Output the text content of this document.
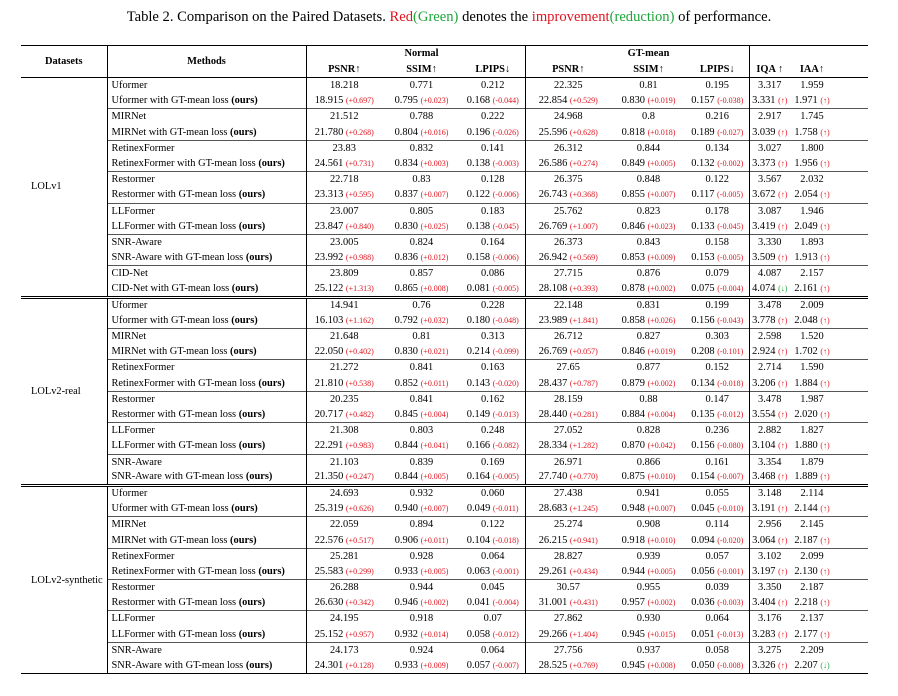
Table 2. Comparison on the Paired Datasets. Red(Green) denotes the improvement(reduction) of performance.
Datasets	Methods		Normal			GT-mean		IQA ↑	IAA↑	
		PSNR↑	SSIM↑	LPIPS↓	PSNR↑	SSIM↑	LPIPS↓			
LOLv1	Uformer	18.218	0.771	0.212	22.325	0.81	0.195	3.317	1.959	
	Uformer with GT-mean loss (ours)	18.915 (+0.697)	0.795 (+0.023)	0.168 (-0.044)	22.854 (+0.529)	0.830 (+0.019)	0.157 (-0.038)	3.331 (↑)	1.971 (↑)	
	MIRNet	21.512	0.788	0.222	24.968	0.8	0.216	2.917	1.745	
	MIRNet with GT-mean loss (ours)	21.780 (+0.268)	0.804 (+0.016)	0.196 (-0.026)	25.596 (+0.628)	0.818 (+0.018)	0.189 (-0.027)	3.039 (↑)	1.758 (↑)	
	RetinexFormer	23.83	0.832	0.141	26.312	0.844	0.134	3.027	1.800	
	RetinexFormer with GT-mean loss (ours)	24.561 (+0.731)	0.834 (+0.003)	0.138 (-0.003)	26.586 (+0.274)	0.849 (+0.005)	0.132 (-0.002)	3.373 (↑)	1.956 (↑)	
	Restormer	22.718	0.83	0.128	26.375	0.848	0.122	3.567	2.032	
	Restormer with GT-mean loss (ours)	23.313 (+0.595)	0.837 (+0.007)	0.122 (-0.006)	26.743 (+0.368)	0.855 (+0.007)	0.117 (-0.005)	3.672 (↑)	2.054 (↑)	
	LLFormer	23.007	0.805	0.183	25.762	0.823	0.178	3.087	1.946	
	LLFormer with GT-mean loss (ours)	23.847 (+0.840)	0.830 (+0.025)	0.138 (-0.045)	26.769 (+1.007)	0.846 (+0.023)	0.133 (-0.045)	3.419 (↑)	2.049 (↑)	
	SNR-Aware	23.005	0.824	0.164	26.373	0.843	0.158	3.330	1.893	
	SNR-Aware with GT-mean loss (ours)	23.992 (+0.988)	0.836 (+0.012)	0.158 (-0.006)	26.942 (+0.569)	0.853 (+0.009)	0.153 (-0.005)	3.509 (↑)	1.913 (↑)	
	CID-Net	23.809	0.857	0.086	27.715	0.876	0.079	4.087	2.157	
	CID-Net with GT-mean loss (ours)	25.122 (+1.313)	0.865 (+0.008)	0.081 (-0.005)	28.108 (+0.393)	0.878 (+0.002)	0.075 (-0.004)	4.074 (↓)	2.161 (↑)	
LOLv2-real	Uformer	14.941	0.76	0.228	22.148	0.831	0.199	3.478	2.009	
	Uformer with GT-mean loss (ours)	16.103 (+1.162)	0.792 (+0.032)	0.180 (-0.048)	23.989 (+1.841)	0.858 (+0.026)	0.156 (-0.043)	3.778 (↑)	2.048 (↑)	
	MIRNet	21.648	0.81	0.313	26.712	0.827	0.303	2.598	1.520	
	MIRNet with GT-mean loss (ours)	22.050 (+0.402)	0.830 (+0.021)	0.214 (-0.099)	26.769 (+0.057)	0.846 (+0.019)	0.208 (-0.101)	2.924 (↑)	1.702 (↑)	
	RetinexFormer	21.272	0.841	0.163	27.65	0.877	0.152	2.714	1.590	
	RetinexFormer with GT-mean loss (ours)	21.810 (+0.538)	0.852 (+0.011)	0.143 (-0.020)	28.437 (+0.787)	0.879 (+0.002)	0.134 (-0.018)	3.206 (↑)	1.884 (↑)	
	Restormer	20.235	0.841	0.162	28.159	0.88	0.147	3.478	1.987	
	Restormer with GT-mean loss (ours)	20.717 (+0.482)	0.845 (+0.004)	0.149 (-0.013)	28.440 (+0.281)	0.884 (+0.004)	0.135 (-0.012)	3.554 (↑)	2.020 (↑)	
	LLFormer	21.308	0.803	0.248	27.052	0.828	0.236	2.882	1.827	
	LLFormer with GT-mean loss (ours)	22.291 (+0.983)	0.844 (+0.041)	0.166 (-0.082)	28.334 (+1.282)	0.870 (+0.042)	0.156 (-0.080)	3.104 (↑)	1.880 (↑)	
	SNR-Aware	21.103	0.839	0.169	26.971	0.866	0.161	3.354	1.879	
	SNR-Aware with GT-mean loss (ours)	21.350 (+0.247)	0.844 (+0.005)	0.164 (-0.005)	27.740 (+0.770)	0.875 (+0.010)	0.154 (-0.007)	3.468 (↑)	1.889 (↑)	
LOLv2-synthetic	Uformer	24.693	0.932	0.060	27.438	0.941	0.055	3.148	2.114	
	Uformer with GT-mean loss (ours)	25.319 (+0.626)	0.940 (+0.007)	0.049 (-0.011)	28.683 (+1.245)	0.948 (+0.007)	0.045 (-0.010)	3.191 (↑)	2.144 (↑)	
	MIRNet	22.059	0.894	0.122	25.274	0.908	0.114	2.956	2.145	
	MIRNet with GT-mean loss (ours)	22.576 (+0.517)	0.906 (+0.011)	0.104 (-0.018)	26.215 (+0.941)	0.918 (+0.010)	0.094 (-0.020)	3.064 (↑)	2.187 (↑)	
	RetinexFormer	25.281	0.928	0.064	28.827	0.939	0.057	3.102	2.099	
	RetinexFormer with GT-mean loss (ours)	25.583 (+0.299)	0.933 (+0.005)	0.063 (-0.001)	29.261 (+0.434)	0.944 (+0.005)	0.056 (-0.001)	3.197 (↑)	2.130 (↑)	
	Restormer	26.288	0.944	0.045	30.57	0.955	0.039	3.350	2.187	
	Restormer with GT-mean loss (ours)	26.630 (+0.342)	0.946 (+0.002)	0.041 (-0.004)	31.001 (+0.431)	0.957 (+0.002)	0.036 (-0.003)	3.404 (↑)	2.218 (↑)	
	LLFormer	24.195	0.918	0.07	27.862	0.930	0.064	3.176	2.137	
	LLFormer with GT-mean loss (ours)	25.152 (+0.957)	0.932 (+0.014)	0.058 (-0.012)	29.266 (+1.404)	0.945 (+0.015)	0.051 (-0.013)	3.283 (↑)	2.177 (↑)	
	SNR-Aware	24.173	0.924	0.064	27.756	0.937	0.058	3.275	2.209	
	SNR-Aware with GT-mean loss (ours)	24.301 (+0.128)	0.933 (+0.009)	0.057 (-0.007)	28.525 (+0.769)	0.945 (+0.008)	0.050 (-0.008)	3.326 (↑)	2.207 (↓)	
